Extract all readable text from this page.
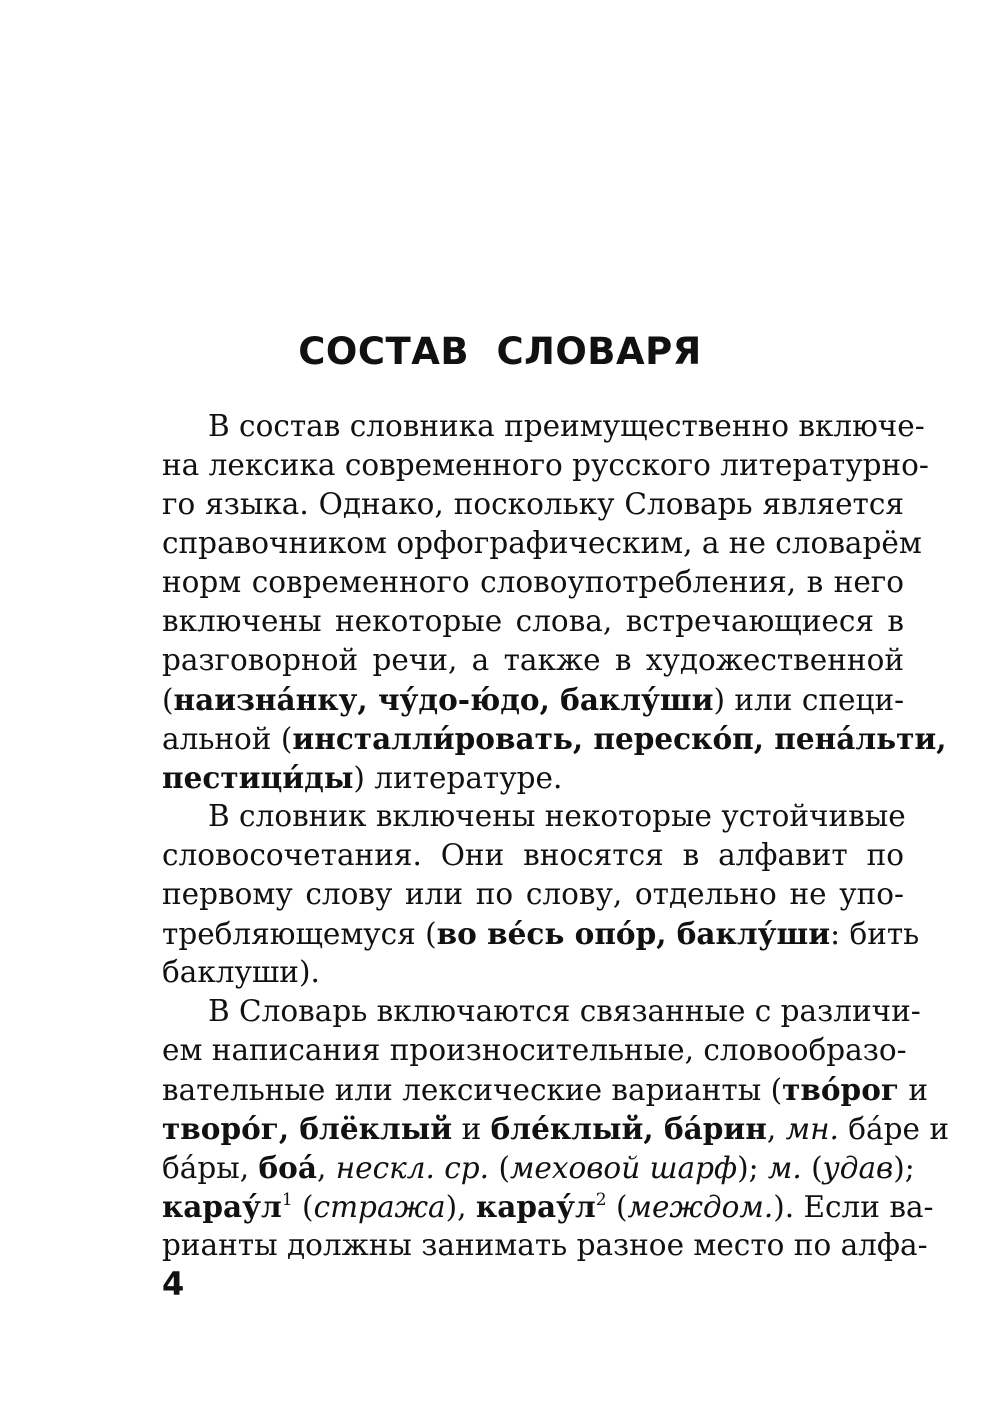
СОСТАВ СЛОВАРЯ
В состав словника преимущественно включе-
на лексика современного русского литературно-
го языка. Однако, поскольку Словарь является
справочником орфографическим, а не словарём
норм современного словоупотребления, в него
включены некоторые слова, встречающиеся в
разговорной речи, а также в художественной
(наизна́нку, чу́до-ю́до, баклу́ши) или специ-
альной (инсталли́ровать, переско́п, пена́льти,
пестици́ды) литературе.
В словник включены некоторые устойчивые
словосочетания. Они вносятся в алфавит по
первому слову или по слову, отдельно не упо-
требляющемуся (во ве́сь опо́р, баклу́ши: бить
баклуши).
В Словарь включаются связанные с различи-
ем написания произносительные, словообразо-
вательные или лексические варианты (тво́рог и
творо́г, блёклый и бле́клый, ба́рин, мн. ба́ре и
ба́ры, боа́, нескл. ср. (меховой шарф); м. (удав);
$карау́л^1$ (стража), $карау́л^2$ (междом.). Если ва-
рианты должны занимать разное место по алфа-
4
